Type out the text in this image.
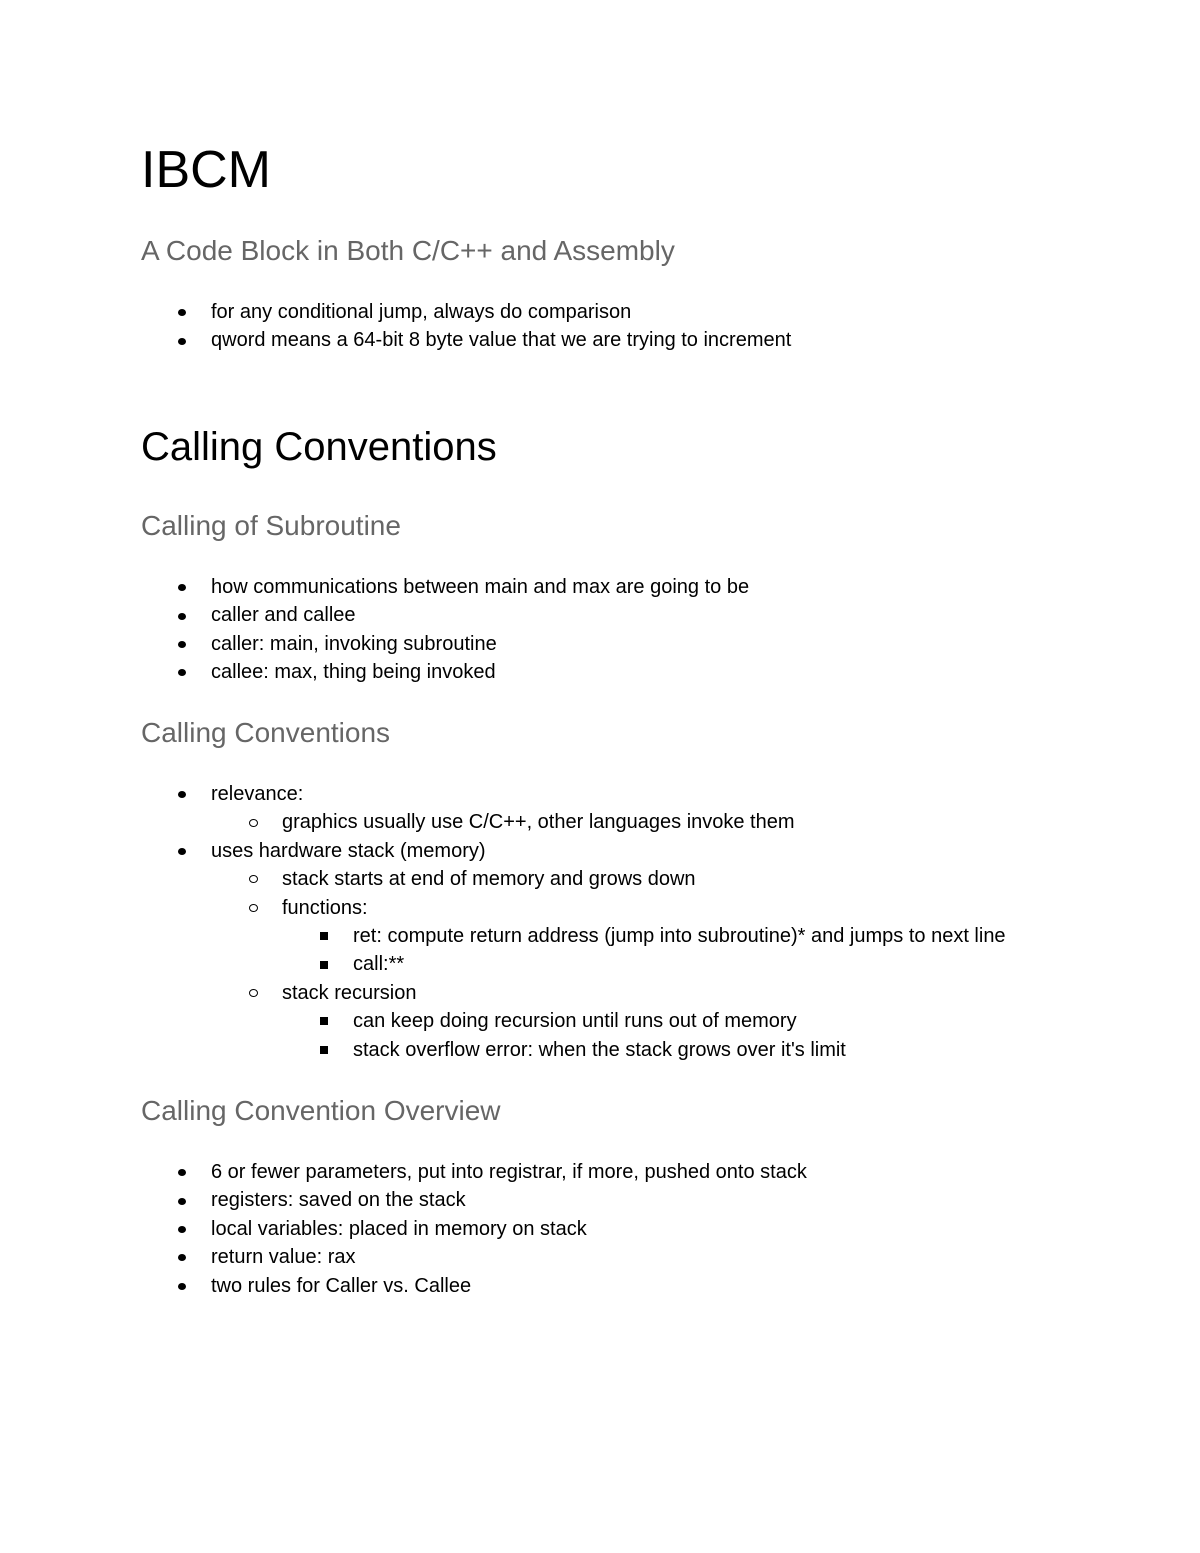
IBCM
A Code Block in Both C/C++ and Assembly
for any conditional jump, always do comparison
qword means a 64-bit 8 byte value that we are trying to increment
Calling Conventions
Calling of Subroutine
how communications between main and max are going to be
caller and callee
caller: main, invoking subroutine
callee: max, thing being invoked
Calling Conventions
relevance:
graphics usually use C/C++, other languages invoke them
uses hardware stack (memory)
stack starts at end of memory and grows down
functions:
ret: compute return address (jump into subroutine)* and jumps to next line
call:**
stack recursion
can keep doing recursion until runs out of memory
stack overflow error: when the stack grows over it's limit
Calling Convention Overview
6 or fewer parameters, put into registrar, if more, pushed onto stack
registers: saved on the stack
local variables: placed in memory on stack
return value: rax
two rules for Caller vs. Callee
